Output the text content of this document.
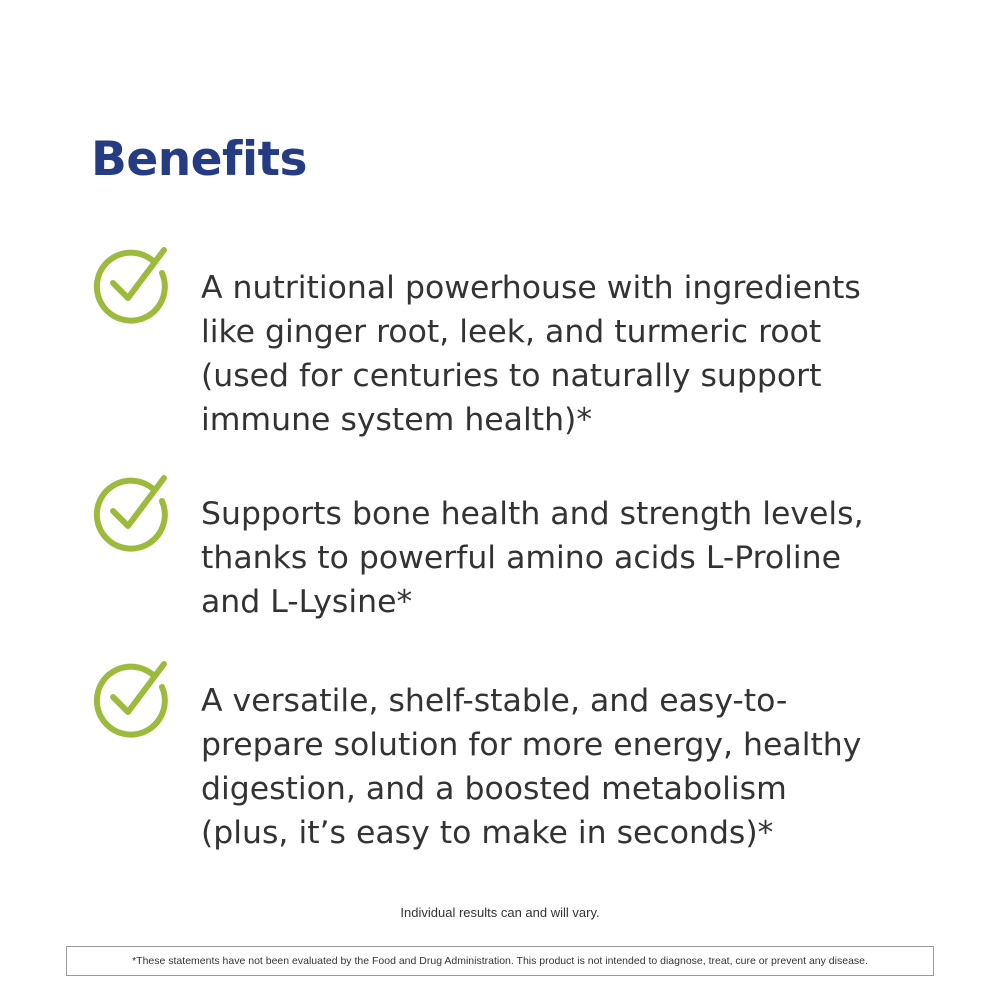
Benefits

A nutritional powerhouse with ingredients
like ginger root, leek, and turmeric root
(used for centuries to naturally support
immune system health)*

Supports bone health and strength levels,
thanks to powerful amino acids L-Proline
and L-Lysine*

A versatile, shelf-stable, and easy-to-
prepare solution for more energy, healthy
digestion, and a boosted metabolism
(plus, it’s easy to make in seconds)*

Individual results can and will vary.
*These statements have not been evaluated by the Food and Drug Administration. This product is not intended to diagnose, treat, cure or prevent any disease.
